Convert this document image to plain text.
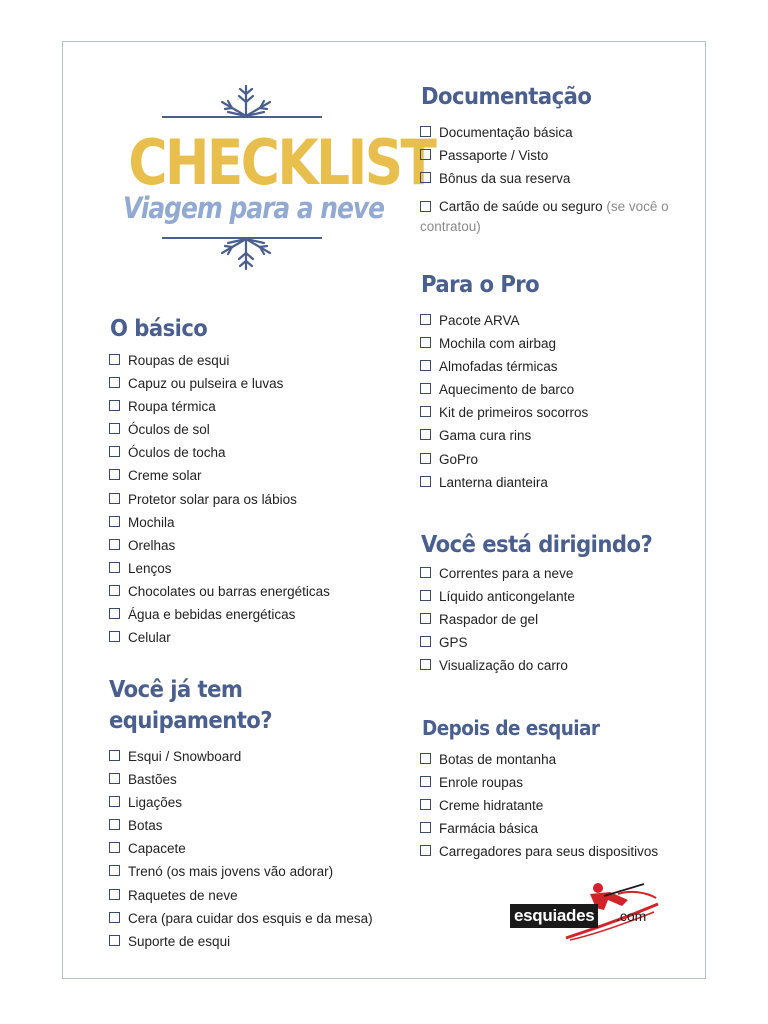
CHECKLIST
Viagem para a neve
O básico
Roupas de esqui
Capuz ou pulseira e luvas
Roupa térmica
Óculos de sol
Óculos de tocha
Creme solar
Protetor solar para os lábios
Mochila
Orelhas
Lenços
Chocolates ou barras energéticas
Água e bebidas energéticas
Celular
Você já tem
equipamento?
Esqui / Snowboard
Bastões
Ligações
Botas
Capacete
Trenó (os mais jovens vão adorar)
Raquetes de neve
Cera (para cuidar dos esquis e da mesa)
Suporte de esqui
Documentação
Documentação básica
Passaporte / Visto
Bônus da sua reserva
Cartão de saúde ou seguro (se você o contratou)
Para o Pro
Pacote ARVA
Mochila com airbag
Almofadas térmicas
Aquecimento de barco
Kit de primeiros socorros
Gama cura rins
GoPro
Lanterna dianteira
Você está dirigindo?
Correntes para a neve
Líquido anticongelante
Raspador de gel
GPS
Visualização do carro
Depois de esquiar
Botas de montanha
Enrole roupas
Creme hidratante
Farmácia básica
Carregadores para seus dispositivos
esquiades .com
